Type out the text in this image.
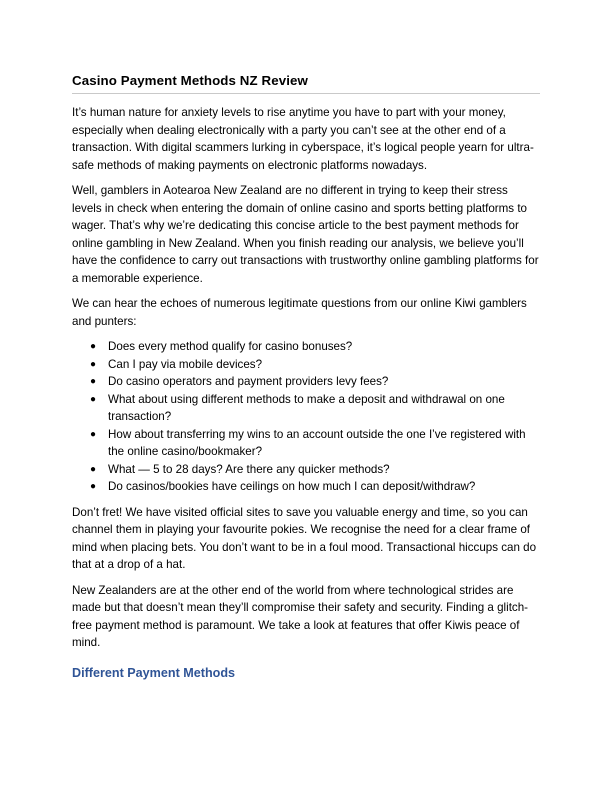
Casino Payment Methods NZ Review

It’s human nature for anxiety levels to rise anytime you have to part with your money, especially when dealing electronically with a party you can’t see at the other end of a transaction. With digital scammers lurking in cyberspace, it’s logical people yearn for ultra-safe methods of making payments on electronic platforms nowadays.

Well, gamblers in Aotearoa New Zealand are no different in trying to keep their stress levels in check when entering the domain of online casino and sports betting platforms to wager. That’s why we’re dedicating this concise article to the best payment methods for online gambling in New Zealand. When you finish reading our analysis, we believe you’ll have the confidence to carry out transactions with trustworthy online gambling platforms for a memorable experience.

We can hear the echoes of numerous legitimate questions from our online Kiwi gamblers and punters:

● Does every method qualify for casino bonuses?
● Can I pay via mobile devices?
● Do casino operators and payment providers levy fees?
● What about using different methods to make a deposit and withdrawal on one transaction?
● How about transferring my wins to an account outside the one I’ve registered with the online casino/bookmaker?
● What — 5 to 28 days? Are there any quicker methods?
● Do casinos/bookies have ceilings on how much I can deposit/withdraw?

Don’t fret! We have visited official sites to save you valuable energy and time, so you can channel them in playing your favourite pokies. We recognise the need for a clear frame of mind when placing bets. You don’t want to be in a foul mood. Transactional hiccups can do that at a drop of a hat.

New Zealanders are at the other end of the world from where technological strides are made but that doesn’t mean they’ll compromise their safety and security. Finding a glitch-free payment method is paramount. We take a look at features that offer Kiwis peace of mind.

Different Payment Methods
